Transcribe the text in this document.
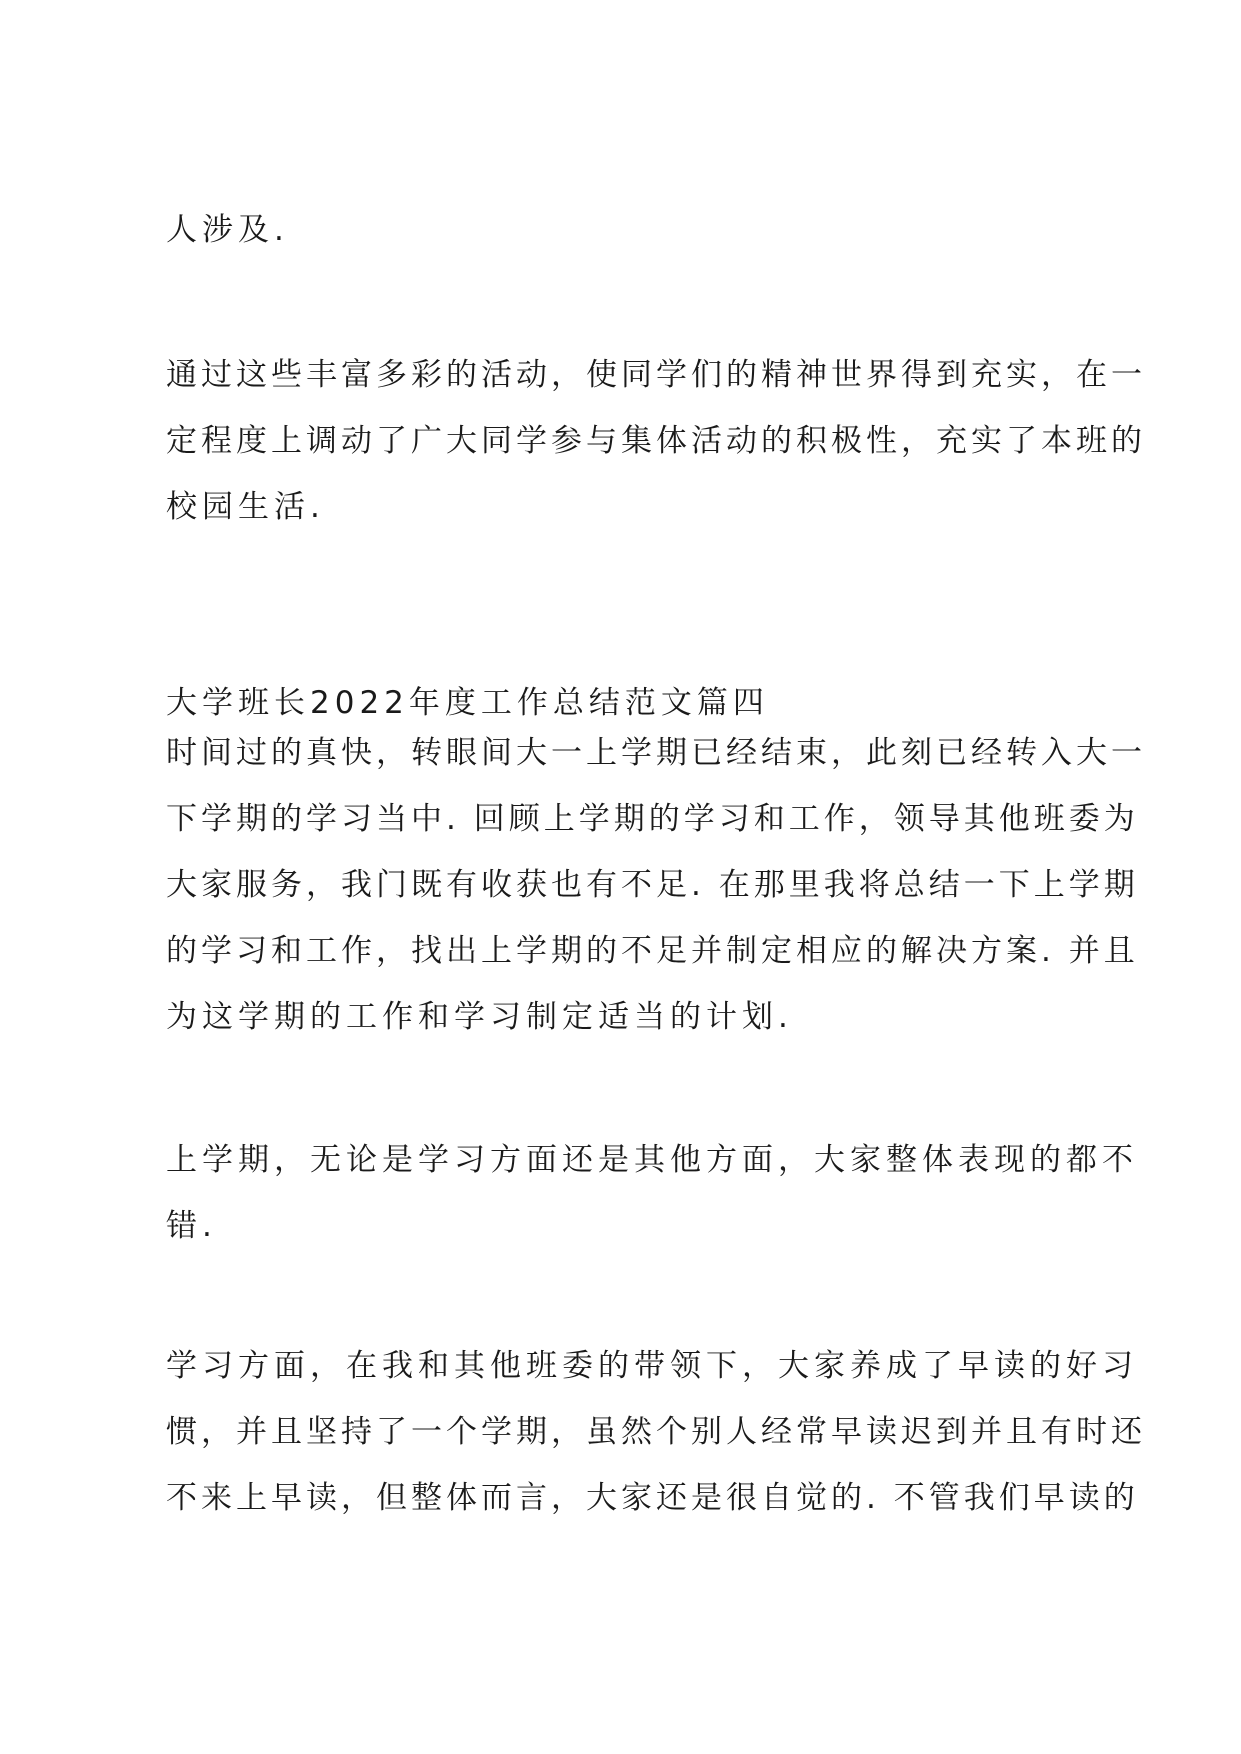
人涉及.
通过这些丰富多彩的活动，使同学们的精神世界得到充实，在一
定程度上调动了广大同学参与集体活动的积极性，充实了本班的
校园生活.
大学班长2022年度工作总结范文篇四
时间过的真快，转眼间大一上学期已经结束，此刻已经转入大一
下学期的学习当中. 回顾上学期的学习和工作，领导其他班委为
大家服务，我门既有收获也有不足. 在那里我将总结一下上学期
的学习和工作，找出上学期的不足并制定相应的解决方案. 并且
为这学期的工作和学习制定适当的计划.
上学期，无论是学习方面还是其他方面，大家整体表现的都不
错.
学习方面，在我和其他班委的带领下，大家养成了早读的好习
惯，并且坚持了一个学期，虽然个别人经常早读迟到并且有时还
不来上早读，但整体而言，大家还是很自觉的. 不管我们早读的
